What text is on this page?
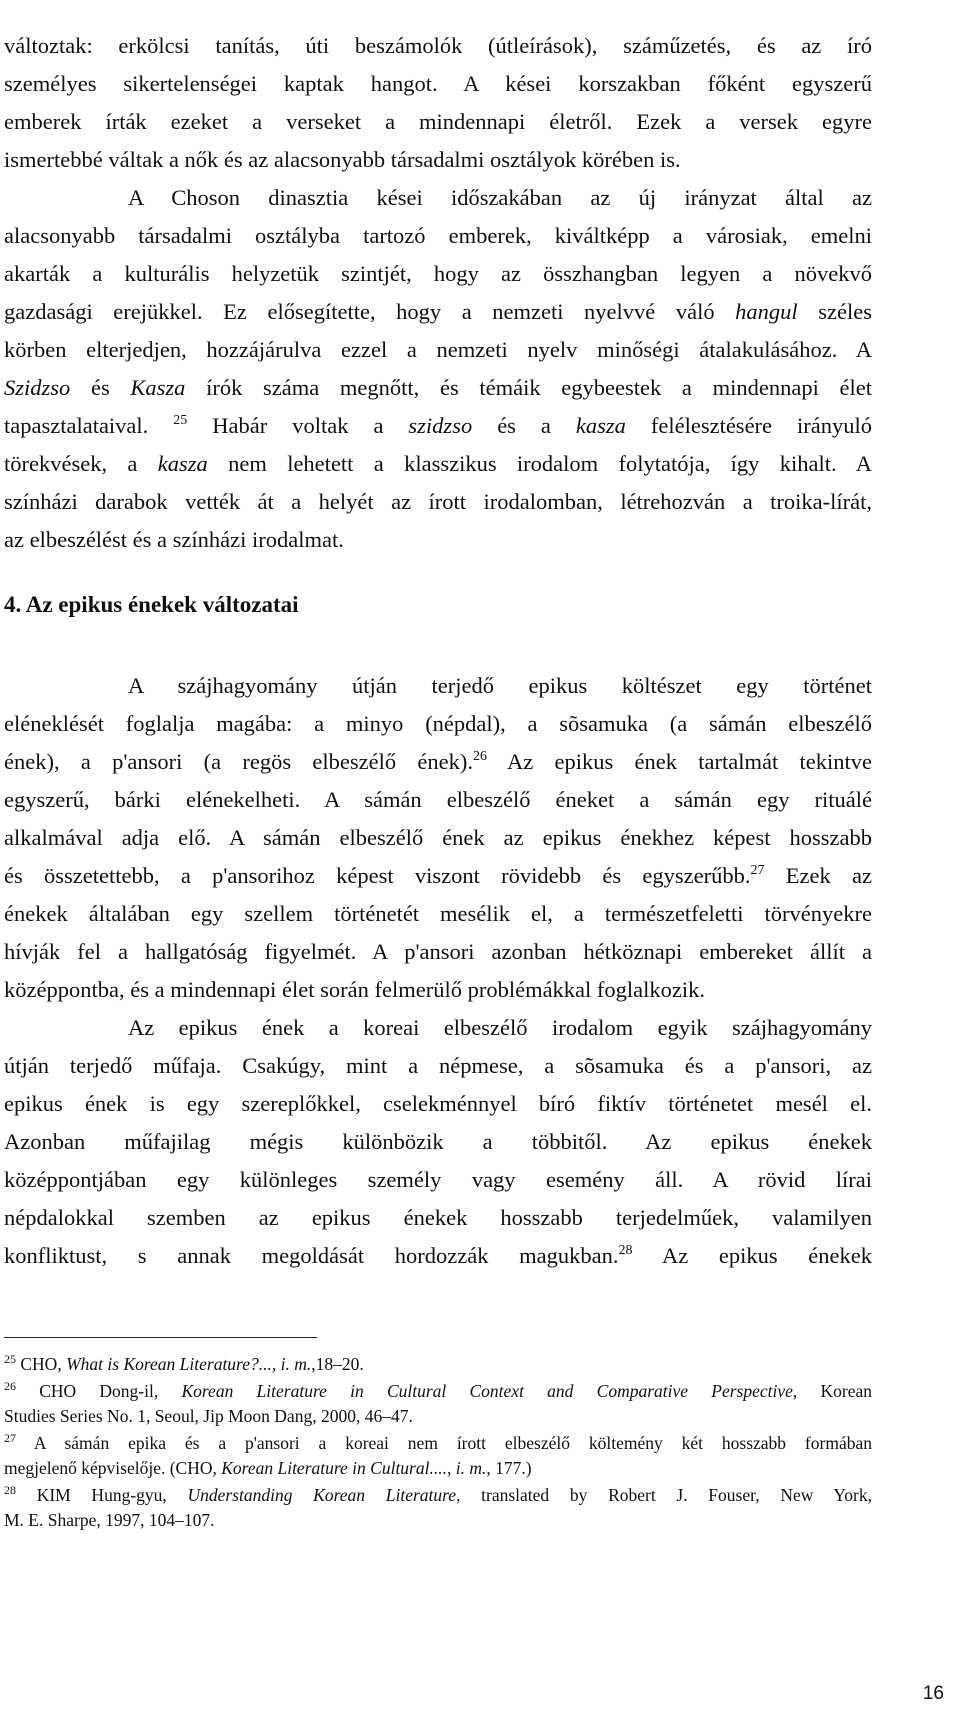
változtak: erkölcsi tanítás, úti beszámolók (útleírások), száműzetés, és az író
személyes sikertelenségei kaptak hangot. A kései korszakban főként egyszerű
emberek írták ezeket a verseket a mindennapi életről. Ezek a versek egyre
ismertebbé váltak a nők és az alacsonyabb társadalmi osztályok körében is.
A Choson dinasztia kései időszakában az új irányzat által az
alacsonyabb társadalmi osztályba tartozó emberek, kiváltképp a városiak, emelni
akarták a kulturális helyzetük szintjét, hogy az összhangban legyen a növekvő
gazdasági erejükkel. Ez elősegítette, hogy a nemzeti nyelvvé váló hangul széles
körben elterjedjen, hozzájárulva ezzel a nemzeti nyelv minőségi átalakulásához. A
Szidzso és Kasza írók száma megnőtt, és témáik egybeestek a mindennapi élet
tapasztalataival. $^{25}$ Habár voltak a szidzso és a kasza felélesztésére irányuló
törekvések, a kasza nem lehetett a klasszikus irodalom folytatója, így kihalt. A
színházi darabok vették át a helyét az írott irodalomban, létrehozván a troika-lírát,
az elbeszélést és a színházi irodalmat.
4. Az epikus énekek változatai
A szájhagyomány útján terjedő epikus költészet egy történet
eléneklését foglalja magába: a minyo (népdal), a sõsamuka (a sámán elbeszélő
ének), a p'ansori (a regös elbeszélő ének).$^{26}$ Az epikus ének tartalmát tekintve
egyszerű, bárki elénekelheti. A sámán elbeszélő éneket a sámán egy rituálé
alkalmával adja elő. A sámán elbeszélő ének az epikus énekhez képest hosszabb
és összetettebb, a p'ansorihoz képest viszont rövidebb és egyszerűbb.$^{27}$ Ezek az
énekek általában egy szellem történetét mesélik el, a természetfeletti törvényekre
hívják fel a hallgatóság figyelmét. A p'ansori azonban hétköznapi embereket állít a
középpontba, és a mindennapi élet során felmerülő problémákkal foglalkozik.
Az epikus ének a koreai elbeszélő irodalom egyik szájhagyomány
útján terjedő műfaja. Csakúgy, mint a népmese, a sõsamuka és a p'ansori, az
epikus ének is egy szereplőkkel, cselekménnyel bíró fiktív történetet mesél el.
Azonban műfajilag mégis különbözik a többitől. Az epikus énekek
középpontjában egy különleges személy vagy esemény áll. A rövid lírai
népdalokkal szemben az epikus énekek hosszabb terjedelműek, valamilyen
konfliktust, s annak megoldását hordozzák magukban.$^{28}$ Az epikus énekek
$^{25}$ CHO, What is Korean Literature?..., i. m.,18–20.
$^{26}$ CHO Dong-il, Korean Literature in Cultural Context and Comparative Perspective, Korean
Studies Series No. 1, Seoul, Jip Moon Dang, 2000, 46–47.
$^{27}$ A sámán epika és a p'ansori a koreai nem írott elbeszélő költemény két hosszabb formában
megjelenő képviselője. (CHO, Korean Literature in Cultural...., i. m., 177.)
$^{28}$ KIM Hung-gyu, Understanding Korean Literature, translated by Robert J. Fouser, New York,
M. E. Sharpe, 1997, 104–107.
16
